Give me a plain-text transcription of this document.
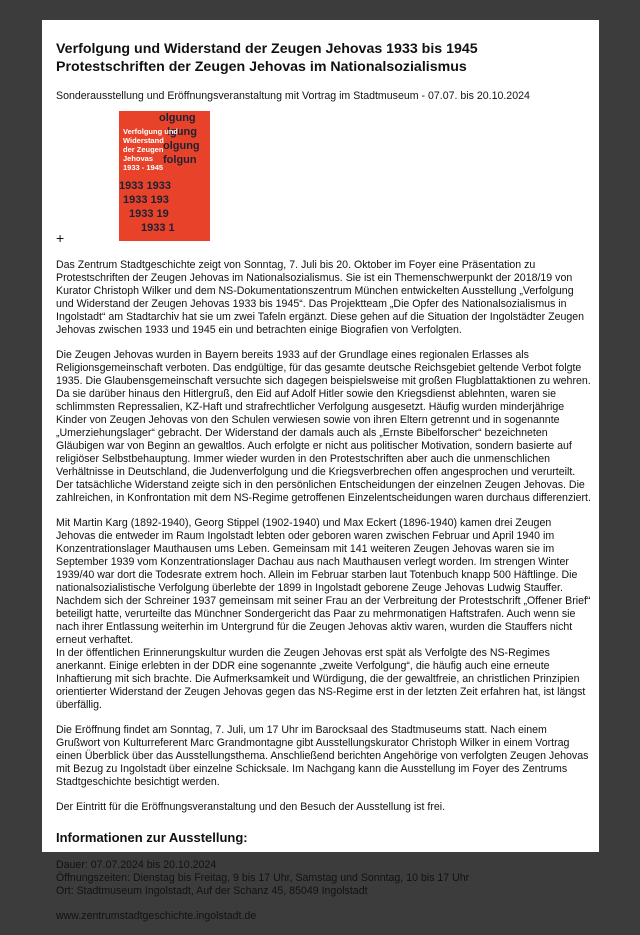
Verfolgung und Widerstand der Zeugen Jehovas 1933 bis 1945
Protestschriften der Zeugen Jehovas im Nationalsozialismus
Sonderausstellung und Eröffnungsveranstaltung mit Vortrag im Stadtmuseum - 07.07. bis 20.10.2024
+
olgung
lgung
olgung
folgun
1933 1933
1933 193
1933 19
1933 1
Verfolgung und
Widerstand
der Zeugen
Jehovas
1933 - 1945

Das Zentrum Stadtgeschichte zeigt von Sonntag, 7. Juli bis 20. Oktober im Foyer eine Präsentation zu Protestschriften der Zeugen Jehovas im Nationalsozialismus. Sie ist ein Themenschwerpunkt der 2018/19 von Kurator Christoph Wilker und dem NS-Dokumentationszentrum München entwickelten Ausstellung „Verfolgung und Widerstand der Zeugen Jehovas 1933 bis 1945“. Das Projektteam „Die Opfer des Nationalsozialismus in Ingolstadt“ am Stadtarchiv hat sie um zwei Tafeln ergänzt. Diese gehen auf die Situation der Ingolstädter Zeugen Jehovas zwischen 1933 und 1945 ein und betrachten einige Biografien von Verfolgten.

Die Zeugen Jehovas wurden in Bayern bereits 1933 auf der Grundlage eines regionalen Erlasses als Religionsgemeinschaft verboten. Das endgültige, für das gesamte deutsche Reichsgebiet geltende Verbot folgte 1935. Die Glaubensgemeinschaft versuchte sich dagegen beispielsweise mit großen Flugblattaktionen zu wehren. Da sie darüber hinaus den Hitlergruß, den Eid auf Adolf Hitler sowie den Kriegsdienst ablehnten, waren sie schlimmsten Repressalien, KZ-Haft und strafrechtlicher Verfolgung ausgesetzt. Häufig wurden minderjährige Kinder von Zeugen Jehovas von den Schulen verwiesen sowie von ihren Eltern getrennt und in sogenannte „Umerziehungslager“ gebracht. Der Widerstand der damals auch als „Ernste Bibelforscher“ bezeichneten Gläubigen war von Beginn an gewaltlos. Auch erfolgte er nicht aus politischer Motivation, sondern basierte auf religiöser Selbstbehauptung. Immer wieder wurden in den Protestschriften aber auch die unmenschlichen Verhältnisse in Deutschland, die Judenverfolgung und die Kriegsverbrechen offen angesprochen und verurteilt. Der tatsächliche Widerstand zeigte sich in den persönlichen Entscheidungen der einzelnen Zeugen Jehovas. Die zahlreichen, in Konfrontation mit dem NS-Regime getroffenen Einzelentscheidungen waren durchaus differenziert.

Mit Martin Karg (1892-1940), Georg Stippel (1902-1940) und Max Eckert (1896-1940) kamen drei Zeugen Jehovas die entweder im Raum Ingolstadt lebten oder geboren waren zwischen Februar und April 1940 im Konzentrationslager Mauthausen ums Leben. Gemeinsam mit 141 weiteren Zeugen Jehovas waren sie im September 1939 vom Konzentrationslager Dachau aus nach Mauthausen verlegt worden. Im strengen Winter 1939/40 war dort die Todesrate extrem hoch. Allein im Februar starben laut Totenbuch knapp 500 Häftlinge. Die nationalsozialistische Verfolgung überlebte der 1899 in Ingolstadt geborene Zeuge Jehovas Ludwig Stauffer. Nachdem sich der Schreiner 1937 gemeinsam mit seiner Frau an der Verbreitung der Protestschrift „Offener Brief“ beteiligt hatte, verurteilte das Münchner Sondergericht das Paar zu mehrmonatigen Haftstrafen. Auch wenn sie nach ihrer Entlassung weiterhin im Untergrund für die Zeugen Jehovas aktiv waren, wurden die Stauffers nicht erneut verhaftet.
In der öffentlichen Erinnerungskultur wurden die Zeugen Jehovas erst spät als Verfolgte des NS-Regimes anerkannt. Einige erlebten in der DDR eine sogenannte „zweite Verfolgung“, die häufig auch eine erneute Inhaftierung mit sich brachte. Die Aufmerksamkeit und Würdigung, die der gewaltfreie, an christlichen Prinzipien orientierter Widerstand der Zeugen Jehovas gegen das NS-Regime erst in der letzten Zeit erfahren hat, ist längst überfällig.

Die Eröffnung findet am Sonntag, 7. Juli, um 17 Uhr im Barocksaal des Stadtmuseums statt. Nach einem Grußwort von Kulturreferent Marc Grandmontagne gibt Ausstellungskurator Christoph Wilker in einem Vortrag einen Überblick über das Ausstellungsthema. Anschließend berichten Angehörige von verfolgten Zeugen Jehovas mit Bezug zu Ingolstadt über einzelne Schicksale. Im Nachgang kann die Ausstellung im Foyer des Zentrums Stadtgeschichte besichtigt werden.

Der Eintritt für die Eröffnungsveranstaltung und den Besuch der Ausstellung ist frei.

Informationen zur Ausstellung:
Dauer: 07.07.2024 bis 20.10.2024
Öffnungszeiten: Dienstag bis Freitag, 9 bis 17 Uhr, Samstag und Sonntag, 10 bis 17 Uhr
Ort: Stadtmuseum Ingolstadt, Auf der Schanz 45, 85049 Ingolstadt
www.zentrumstadtgeschichte.ingolstadt.de
